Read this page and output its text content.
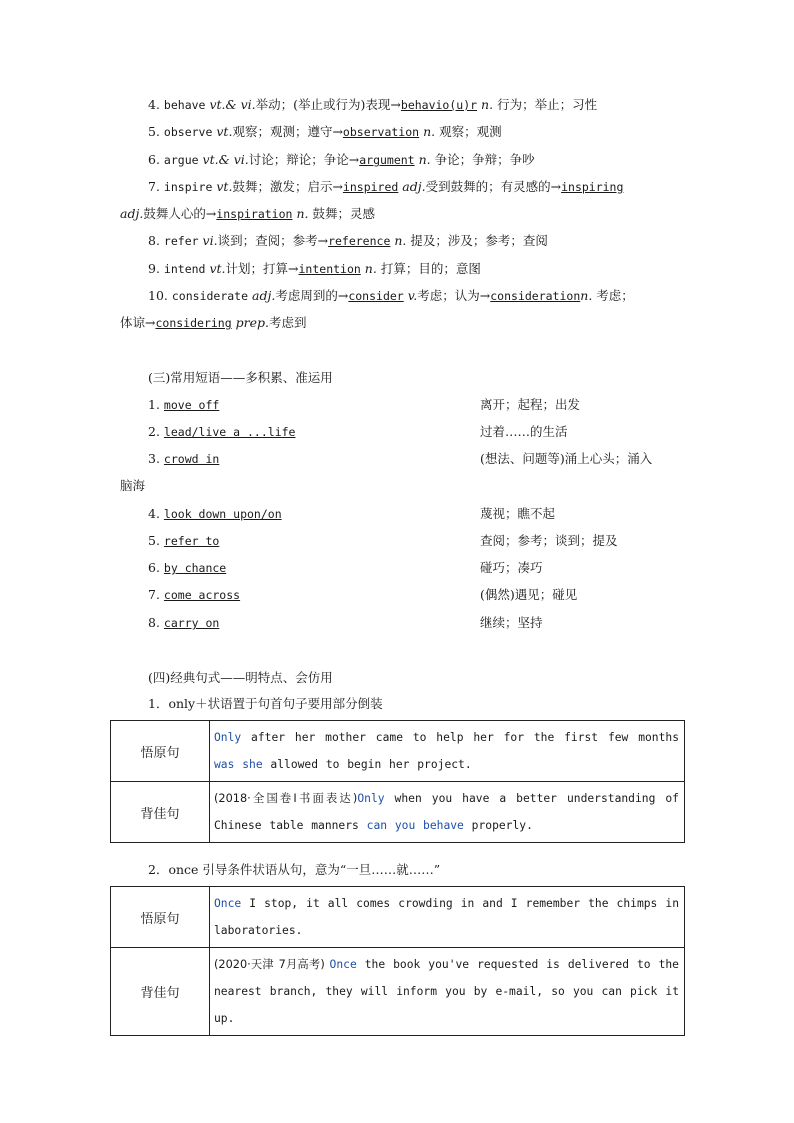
4. behave vt.& vi.举动；(举止或行为)表现→behavio(u)r n. 行为；举止；习性
5. observe vt.观察；观测；遵守→observation n. 观察；观测
6. argue vt.& vi.讨论；辩论；争论→argument n. 争论；争辩；争吵
7. inspire vt.鼓舞；激发；启示→inspired adj.受到鼓舞的；有灵感的→inspiring
adj.鼓舞人心的→inspiration n. 鼓舞；灵感
8. refer vi.谈到；查阅；参考→reference n. 提及；涉及；参考；查阅
9. intend vt.计划；打算→intention n. 打算；目的；意图
10. considerate adj.考虑周到的→consider v.考虑；认为→considerationn. 考虑；
体谅→considering prep.考虑到
(三)常用短语——多积累、准运用
1. move off	离开；起程；出发
2. lead/live a ...life	过着……的生活
3. crowd in	(想法、问题等)涌上心头；涌入
脑海
4. look down upon/on	蔑视；瞧不起
5. refer to	查阅；参考；谈到；提及
6. by chance	碰巧；凑巧
7. come across	(偶然)遇见；碰见
8. carry on	继续；坚持
(四)经典句式——明特点、会仿用
1．only＋状语置于句首句子要用部分倒装
悟原句	Only after her mother came to help her for the first few months was she allowed to begin her project.
背佳句	(2018·全国卷Ⅰ书面表达)Only when you have a better understanding of Chinese table manners can you behave properly.
2．once 引导条件状语从句，意为“一旦……就……”
悟原句	Once I stop, it all comes crowding in and I remember the chimps in laboratories.
背佳句	(2020·天津 7月高考) Once the book you've requested is delivered to the nearest branch, they will inform you by e-mail, so you can pick it up.
